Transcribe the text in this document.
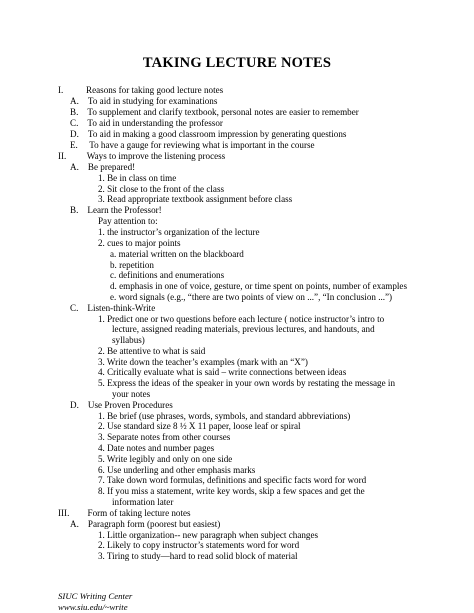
TAKING LECTURE NOTES
I.          Reasons for taking good lecture notes
A.    To aid in studying for examinations
B.    To supplement and clarify textbook, personal notes are easier to remember
C.    To aid in understanding the professor
D.    To aid in making a good classroom impression by generating questions
E.     To have a gauge for reviewing what is important in the course
II.         Ways to improve the listening process
A.    Be prepared!
1. Be in class on time
2. Sit close to the front of the class
3. Read appropriate textbook assignment before class
B.    Learn the Professor!
Pay attention to:
1. the instructor’s organization of the lecture
2. cues to major points
a. material written on the blackboard
b. repetition
c. definitions and enumerations
d. emphasis in one of voice, gesture, or time spent on points, number of examples
e. word signals (e.g., “there are two points of view on ...”, “In conclusion ...”)
C.    Listen-think-Write
1. Predict one or two questions before each lecture ( notice instructor’s intro to
lecture, assigned reading materials, previous lectures, and handouts, and
syllabus)
2. Be attentive to what is said
3. Write down the teacher’s examples (mark with an “X”)
4. Critically evaluate what is said – write connections between ideas
5. Express the ideas of the speaker in your own words by restating the message in
your notes
D.    Use Proven Procedures
1. Be brief (use phrases, words, symbols, and standard abbreviations)
2. Use standard size 8 ½ X 11 paper, loose leaf or spiral
3. Separate notes from other courses
4. Date notes and number pages
5. Write legibly and only on one side
6. Use underling and other emphasis marks
7. Take down word formulas, definitions and specific facts word for word
8. If you miss a statement, write key words, skip a few spaces and get the
information later
III.        Form of taking lecture notes
A.    Paragraph form (poorest but easiest)
1. Little organization-- new paragraph when subject changes
2. Likely to copy instructor’s statements word for word
3. Tiring to study—hard to read solid block of material
SIUC Writing Center
www.siu.edu/~write
